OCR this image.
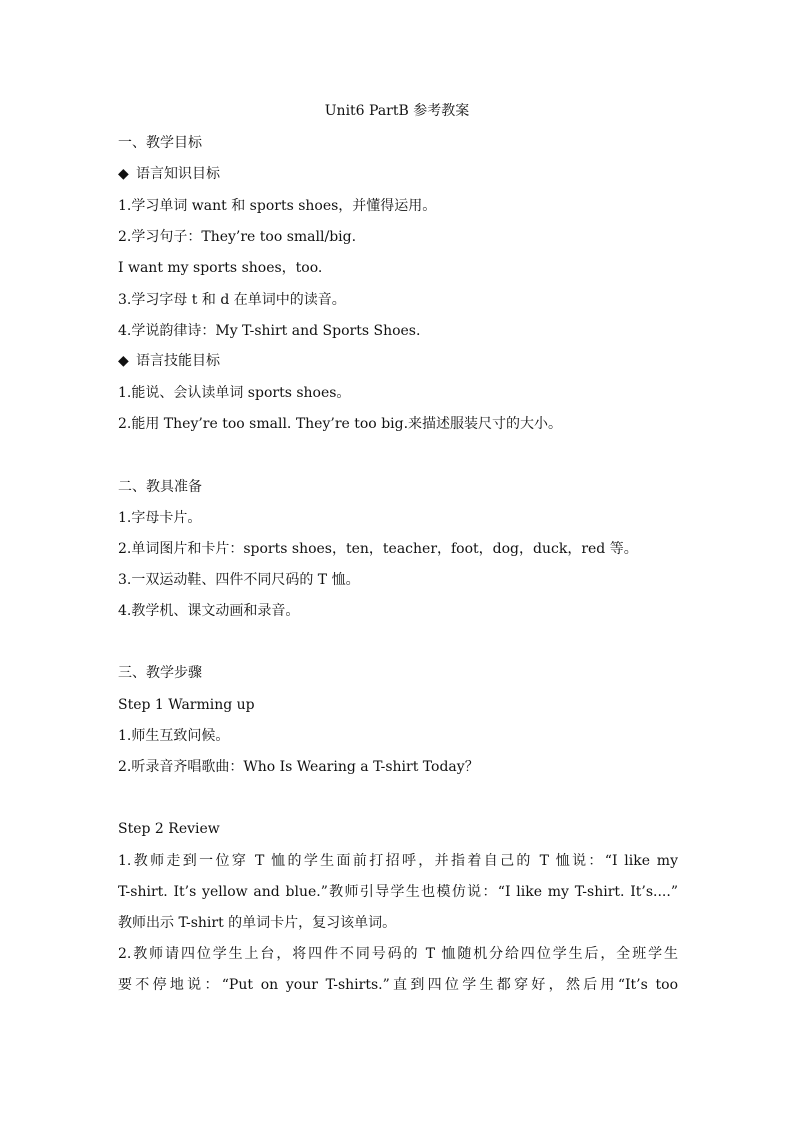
Unit6 PartB 参考教案
一、教学目标
◆ 语言知识目标
1.学习单词 want 和 sports shoes，并懂得运用。
2.学习句子：They’re too small/big.
I want my sports shoes，too.
3.学习字母 t 和 d 在单词中的读音。
4.学说韵律诗：My T-shirt and Sports Shoes.
◆ 语言技能目标
1.能说、会认读单词 sports shoes。
2.能用 They’re too small. They’re too big.来描述服装尺寸的大小。
二、教具准备
1.字母卡片。
2.单词图片和卡片：sports shoes，ten，teacher，foot，dog，duck，red 等。
3.一双运动鞋、四件不同尺码的 T 恤。
4.教学机、课文动画和录音。
三、教学步骤
Step 1 Warming up
1.师生互致问候。
2.听录音齐唱歌曲：Who Is Wearing a T-shirt Today？
Step 2 Review
1.教师走到一位穿 T 恤的学生面前打招呼，并指着自己的 T 恤说：“I like my
T-shirt. It’s yellow and blue.”教师引导学生也模仿说：“I like my T-shirt. It’s....”
教师出示 T-shirt 的单词卡片，复习该单词。
2.教师请四位学生上台，将四件不同号码的 T 恤随机分给四位学生后，全班学生
要不停地说：“Put on your T-shirts.”直到四位学生都穿好，然后用“It’s too
